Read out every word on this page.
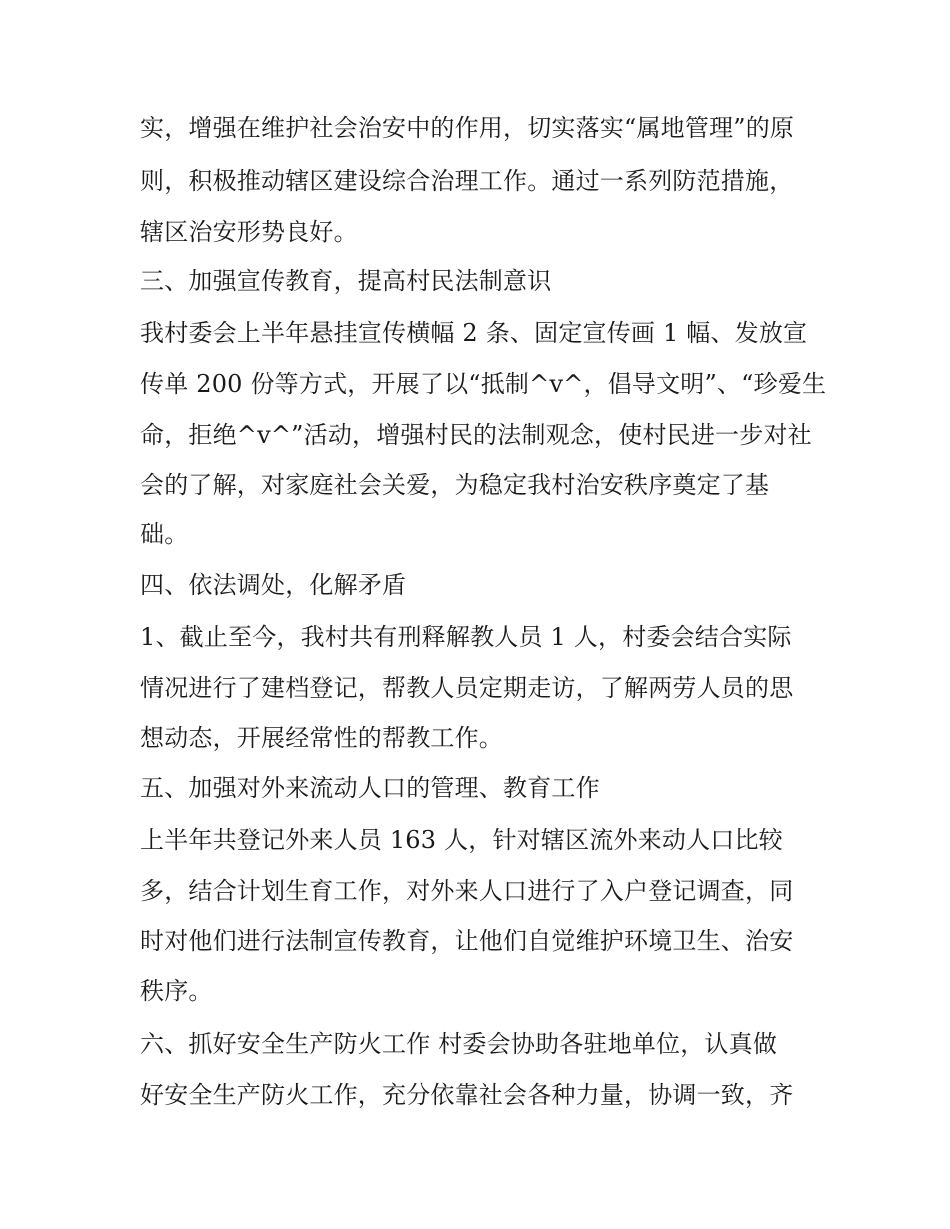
实，增强在维护社会治安中的作用，切实落实“属地管理”的原
则，积极推动辖区建设综合治理工作。通过一系列防范措施，
辖区治安形势良好。
三、加强宣传教育，提高村民法制意识
我村委会上半年悬挂宣传横幅 2 条、固定宣传画 1 幅、发放宣
传单 200 份等方式，开展了以“抵制^v^，倡导文明”、“珍爱生
命，拒绝^v^”活动，增强村民的法制观念，使村民进一步对社
会的了解，对家庭社会关爱，为稳定我村治安秩序奠定了基
础。
四、依法调处，化解矛盾
1、截止至今，我村共有刑释解教人员 1 人，村委会结合实际
情况进行了建档登记，帮教人员定期走访，了解两劳人员的思
想动态，开展经常性的帮教工作。
五、加强对外来流动人口的管理、教育工作
上半年共登记外来人员 163 人，针对辖区流外来动人口比较
多，结合计划生育工作，对外来人口进行了入户登记调查，同
时对他们进行法制宣传教育，让他们自觉维护环境卫生、治安
秩序。
六、抓好安全生产防火工作 村委会协助各驻地单位，认真做
好安全生产防火工作，充分依靠社会各种力量，协调一致，齐
